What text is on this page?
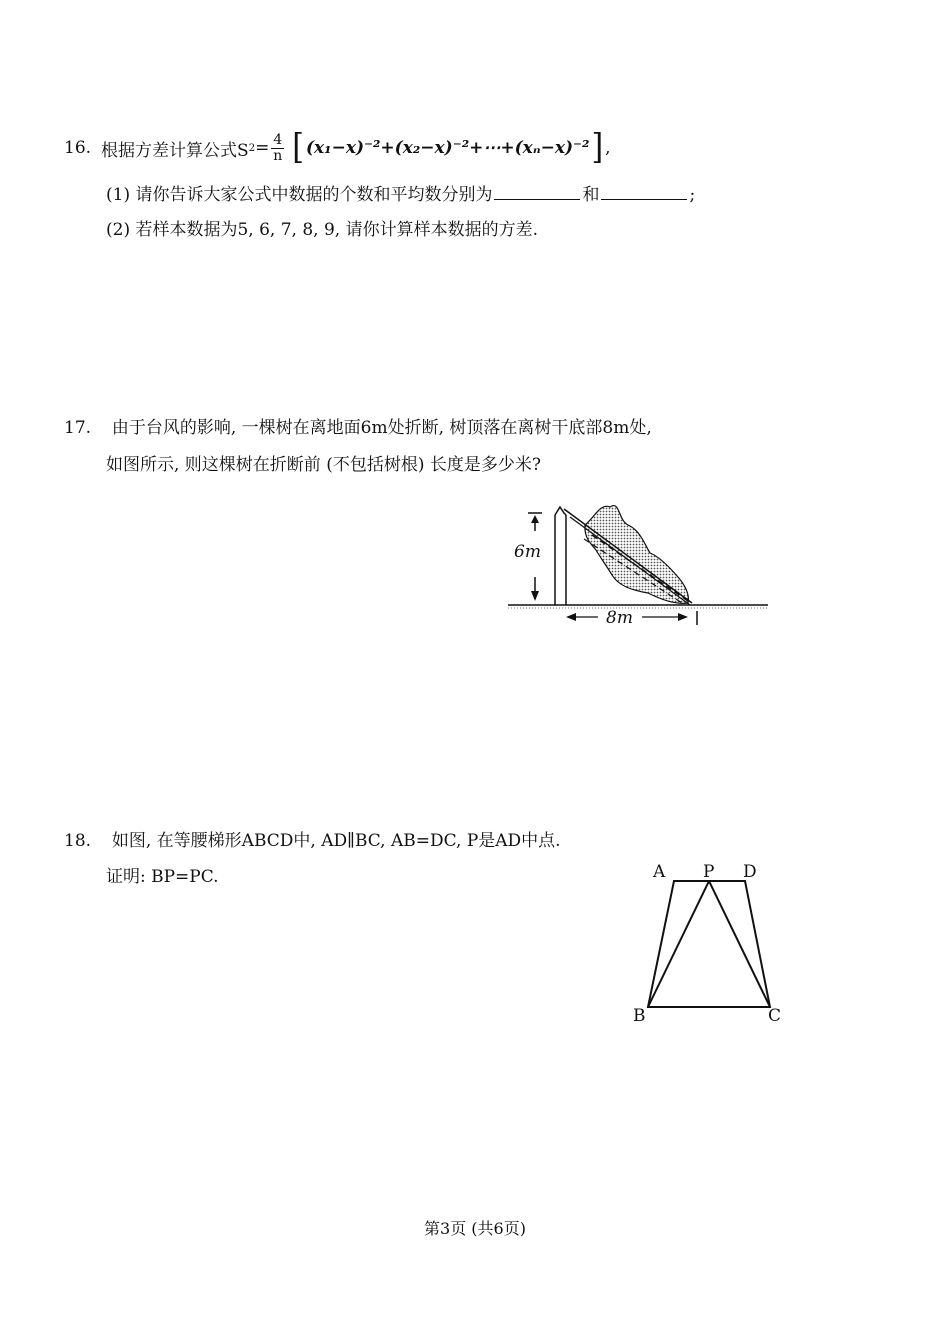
16. 根据方差计算公式S $2 = \frac{4}{n}$ [ (x₁−x)⁻²+(x₂−x)⁻²+⋯+(xₙ−x)⁻² ] ,
(1) 请你告诉大家公式中数据的个数和平均数分别为	和	;
(2) 若样本数据为5, 6, 7, 8, 9, 请你计算样本数据的方差.
17. 由于台风的影响, 一棵树在离地面6m处折断, 树顶落在离树干底部8m处,
如图所示, 则这棵树在折断前 (不包括树根) 长度是多少米?
6m
8m
18. 如图, 在等腰梯形ABCD中, AD∥BC, AB=DC, P是AD中点.
证明: BP=PC.	A P D
B	C
第3页 (共6页)
